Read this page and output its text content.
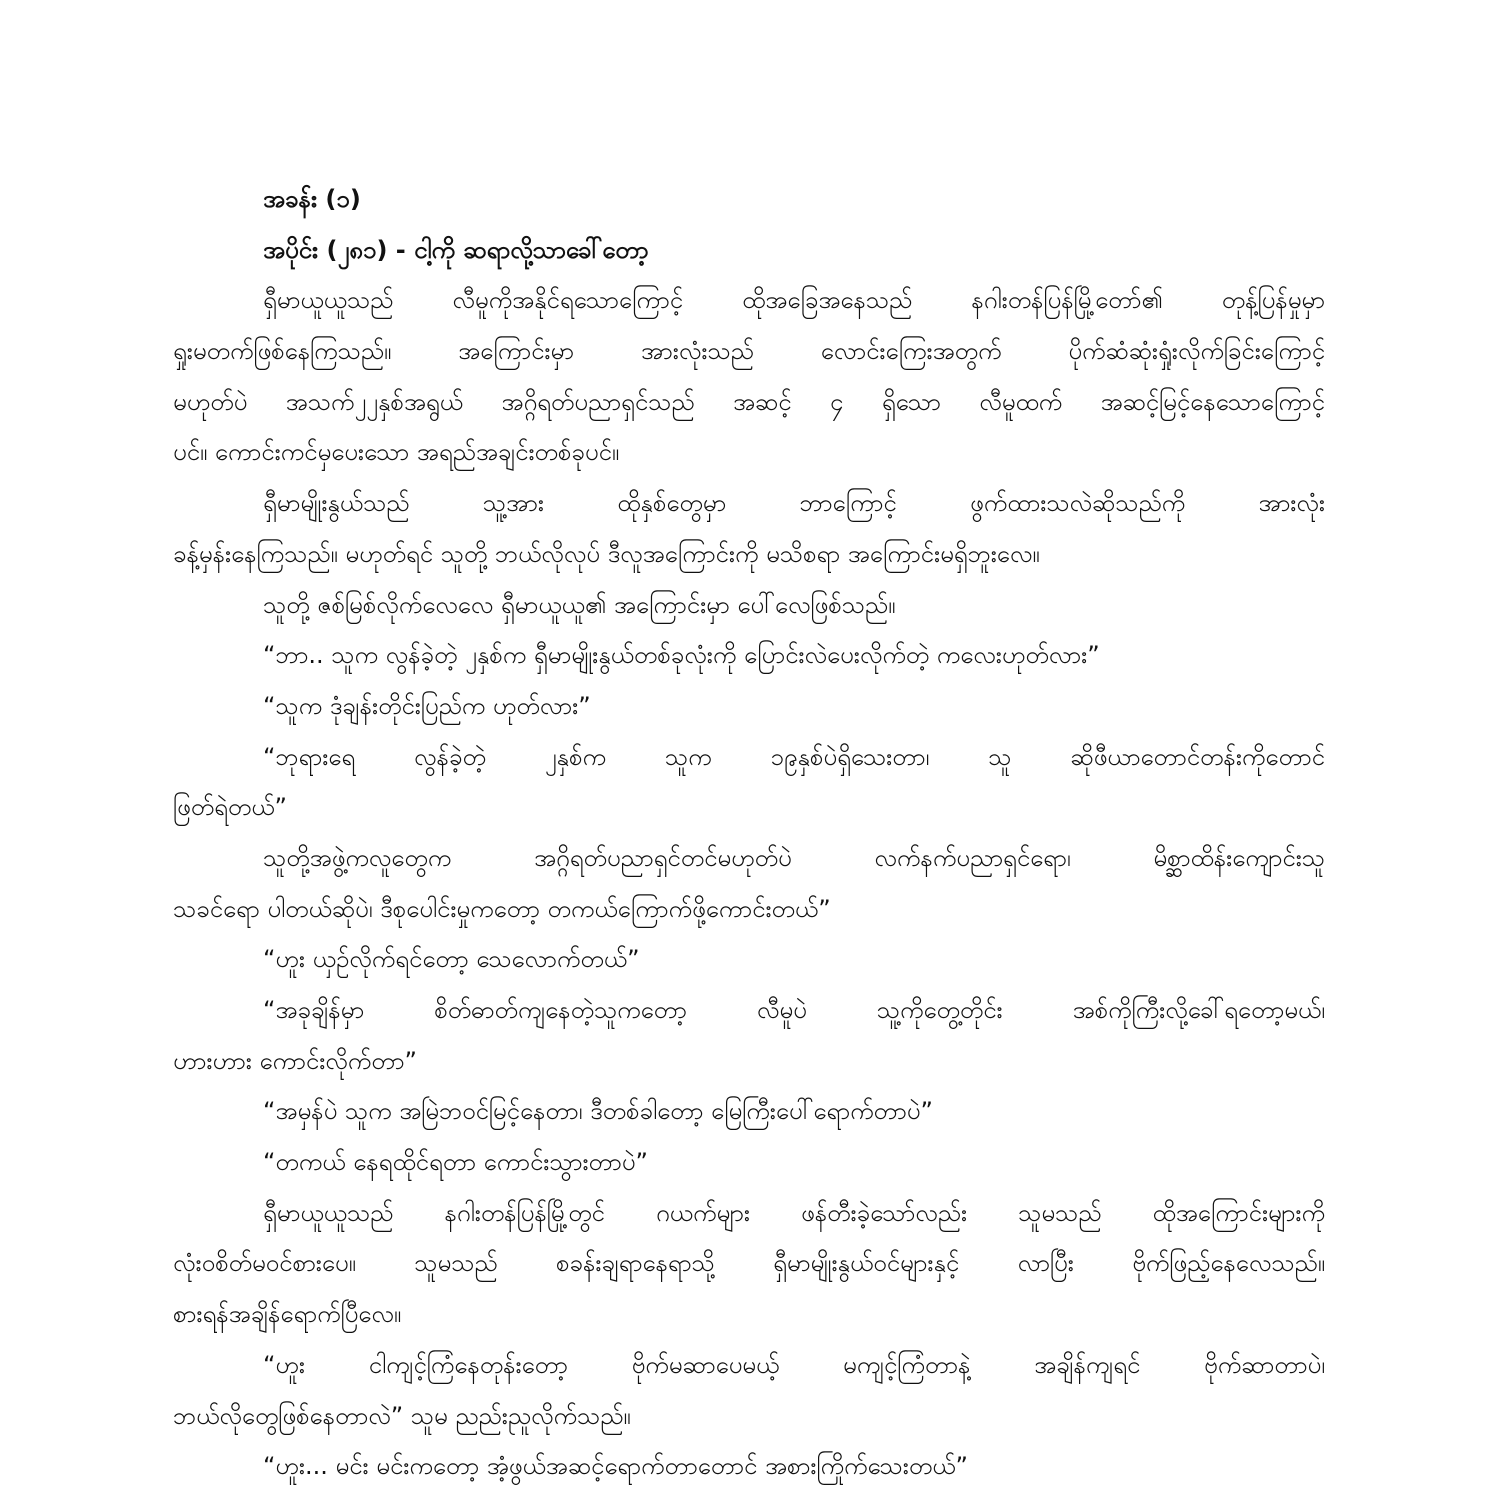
အခန်း (၁)
အပိုင်း (၂၈၁) - ငါ့ကို ဆရာလို့သာခေါ်တော့
ရှီမာယူယူသည် လီမူကိုအနိုင်ရသောကြောင့် ထိုအခြေအနေသည် နဂါးတန်ပြန်မြို့တော်၏ တုန့်ပြန်မှုမှာ
ရှုးမတက်ဖြစ်နေကြသည်။ အကြောင်းမှာ အားလုံးသည် လောင်းကြေးအတွက် ပိုက်ဆံဆုံးရှုံးလိုက်ခြင်းကြောင့်
မဟုတ်ပဲ အသက်၂၂နှစ်အရွယ် အဂ္ဂိရတ်ပညာရှင်သည် အဆင့် ၄ ရှိသော လီမူထက် အဆင့်မြင့်နေသောကြောင့်
ပင်။ ကောင်းကင်မှပေးသော အရည်အချင်းတစ်ခုပင်။
ရှီမာမျိုးနွယ်သည် သူ့အား ထိုနှစ်တွေမှာ ဘာကြောင့် ဖွက်ထားသလဲဆိုသည်ကို အားလုံး
ခန့်မှန်းနေကြသည်။ မဟုတ်ရင် သူတို့ ဘယ်လိုလုပ် ဒီလူအကြောင်းကို မသိစရာ အကြောင်းမရှိဘူးလေ။
သူတို့ ဇစ်မြစ်လိုက်လေလေ ရှီမာယူယူ၏ အကြောင်းမှာ ပေါ်လေဖြစ်သည်။
“ဘာ.. သူက လွန်ခဲ့တဲ့ ၂နှစ်က ရှီမာမျိုးနွယ်တစ်ခုလုံးကို ပြောင်းလဲပေးလိုက်တဲ့ ကလေးဟုတ်လား”
“သူက ဒုံချန်းတိုင်းပြည်က ဟုတ်လား”
“ဘုရားရေ လွန်ခဲ့တဲ့ ၂နှစ်က သူက ၁၉နှစ်ပဲရှိသေးတာ၊ သူ ဆိုဖီယာတောင်တန်းကိုတောင်
ဖြတ်ရဲတယ်”
သူတို့အဖွဲ့ကလူတွေက အဂ္ဂိရတ်ပညာရှင်တင်မဟုတ်ပဲ လက်နက်ပညာရှင်ရော၊ မိစ္ဆာထိန်းကျောင်းသူ
သခင်ရော ပါတယ်ဆိုပဲ၊ ဒီစုပေါင်းမှုကတော့ တကယ်ကြောက်ဖို့ကောင်းတယ်”
“ဟူး ယှဉ်လိုက်ရင်တော့ သေလောက်တယ်”
“အခုချိန်မှာ စိတ်ဓာတ်ကျနေတဲ့သူကတော့ လီမူပဲ သူ့ကိုတွေ့တိုင်း အစ်ကိုကြီးလို့ခေါ်ရတော့မယ်၊
ဟားဟား ကောင်းလိုက်တာ”
“အမှန်ပဲ သူက အမြဲဘဝင်မြင့်နေတာ၊ ဒီတစ်ခါတော့ မြေကြီးပေါ်ရောက်တာပဲ”
“တကယ် နေရထိုင်ရတာ ကောင်းသွားတာပဲ”
ရှီမာယူယူသည် နဂါးတန်ပြန်မြို့တွင် ဂယက်များ ဖန်တီးခဲ့သော်လည်း သူမသည် ထိုအကြောင်းများကို
လုံးဝစိတ်မဝင်စားပေ။ သူမသည် စခန်းချရာနေရာသို့ ရှီမာမျိုးနွယ်ဝင်များနှင့် လာပြီး ဗိုက်ဖြည့်နေလေသည်။
စားရန်အချိန်ရောက်ပြီလေ။
“ဟူး ငါကျင့်ကြံနေတုန်းတော့ ဗိုက်မဆာပေမယ့် မကျင့်ကြံတာနဲ့ အချိန်ကျရင် ဗိုက်ဆာတာပဲ၊
ဘယ်လိုတွေဖြစ်နေတာလဲ” သူမ ညည်းညူလိုက်သည်။
“ဟူး... မင်း မင်းကတော့ အံ့ဖွယ်အဆင့်ရောက်တာတောင် အစားကြိုက်သေးတယ်”
